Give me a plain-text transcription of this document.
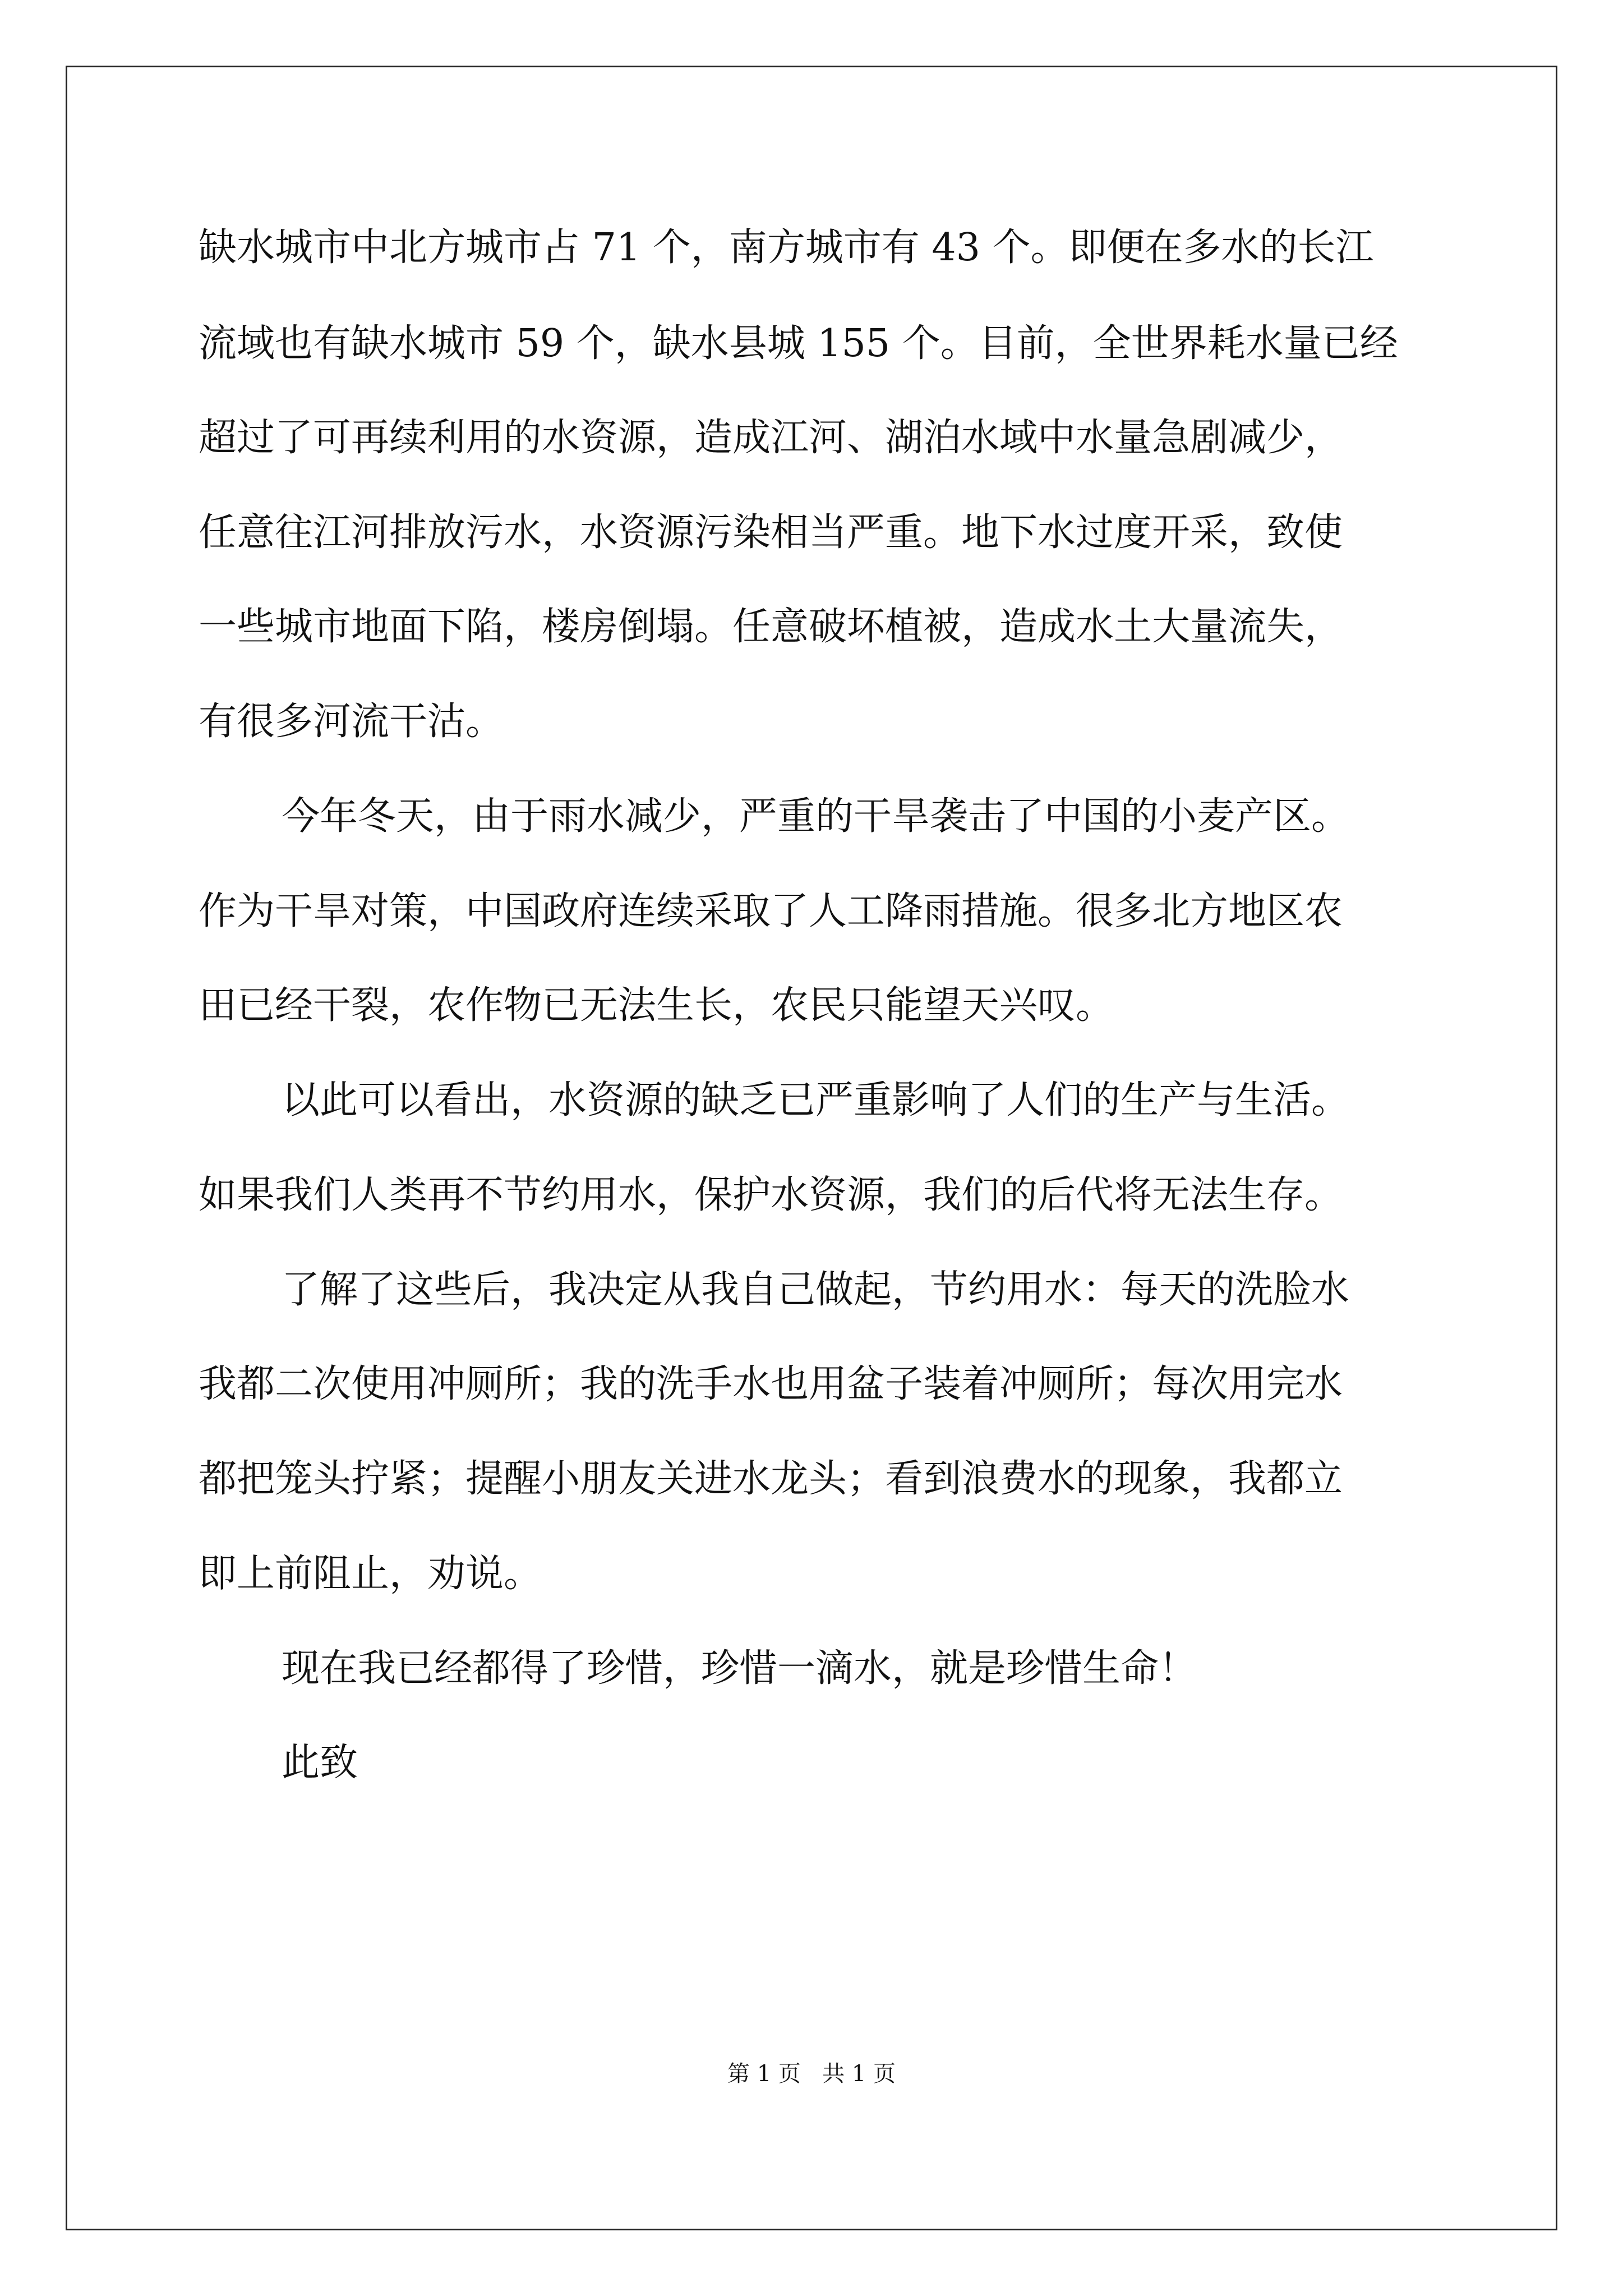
缺水城市中北方城市占 71 个，南方城市有 43 个。即便在多水的长江
流域也有缺水城市 59 个，缺水县城 155 个。目前，全世界耗水量已经
超过了可再续利用的水资源，造成江河、湖泊水域中水量急剧减少，
任意往江河排放污水，水资源污染相当严重。地下水过度开采，致使
一些城市地面下陷，楼房倒塌。任意破坏植被，造成水土大量流失，
有很多河流干沽。
今年冬天，由于雨水减少，严重的干旱袭击了中国的小麦产区。
作为干旱对策，中国政府连续采取了人工降雨措施。很多北方地区农
田已经干裂，农作物已无法生长，农民只能望天兴叹。
以此可以看出，水资源的缺乏已严重影响了人们的生产与生活。
如果我们人类再不节约用水，保护水资源，我们的后代将无法生存。
了解了这些后，我决定从我自己做起，节约用水：每天的洗脸水
我都二次使用冲厕所；我的洗手水也用盆子装着冲厕所；每次用完水
都把笼头拧紧；提醒小朋友关进水龙头；看到浪费水的现象，我都立
即上前阻止，劝说。
现在我已经都得了珍惜，珍惜一滴水，就是珍惜生命！
此致
第 1 页   共 1 页
